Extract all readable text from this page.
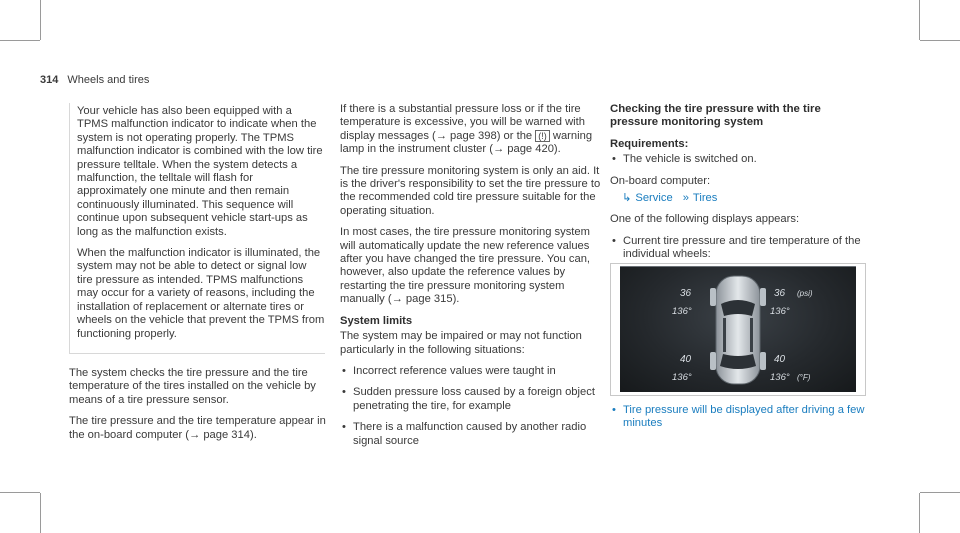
314 Wheels and tires

Your vehicle has also been equipped with a TPMS malfunction indicator to indicate when the system is not operating properly. The TPMS malfunction indicator is combined with the low tire pressure telltale. When the system detects a malfunction, the telltale will flash for approximately one minute and then remain continuously illuminated. This sequence will continue upon subsequent vehicle start-ups as long as the malfunction exists.

When the malfunction indicator is illuminated, the system may not be able to detect or signal low tire pressure as intended. TPMS malfunctions may occur for a variety of reasons, including the installation of replacement or alternate tires or wheels on the vehicle that prevent the TPMS from functioning properly.

The system checks the tire pressure and the tire temperature of the tires installed on the vehicle by means of a tire pressure sensor.

The tire pressure and the tire temperature appear in the on-board computer (→ page 314).

If there is a substantial pressure loss or if the tire temperature is excessive, you will be warned with display messages (→ page 398) or the (!) warning lamp in the instrument cluster (→ page 420).

The tire pressure monitoring system is only an aid. It is the driver's responsibility to set the tire pressure to the recommended cold tire pressure suitable for the operating situation.

In most cases, the tire pressure monitoring system will automatically update the new reference values after you have changed the tire pressure. You can, however, also update the reference values by restarting the tire pressure monitoring system manually (→ page 315).

System limits

The system may be impaired or may not function particularly in the following situations:

• Incorrect reference values were taught in
• Sudden pressure loss caused by a foreign object penetrating the tire, for example
• There is a malfunction caused by another radio signal source
Checking the tire pressure with the tire pressure monitoring system
Requirements:
• The vehicle is switched on.

On-board computer:

↳ Service » Tires

One of the following displays appears:

• Current tire pressure and tire temperature of the individual wheels:
• Tire pressure will be displayed after driving a few minutes
36	36 (psi)
136°	136°
40	40
136°	136° (°F)
